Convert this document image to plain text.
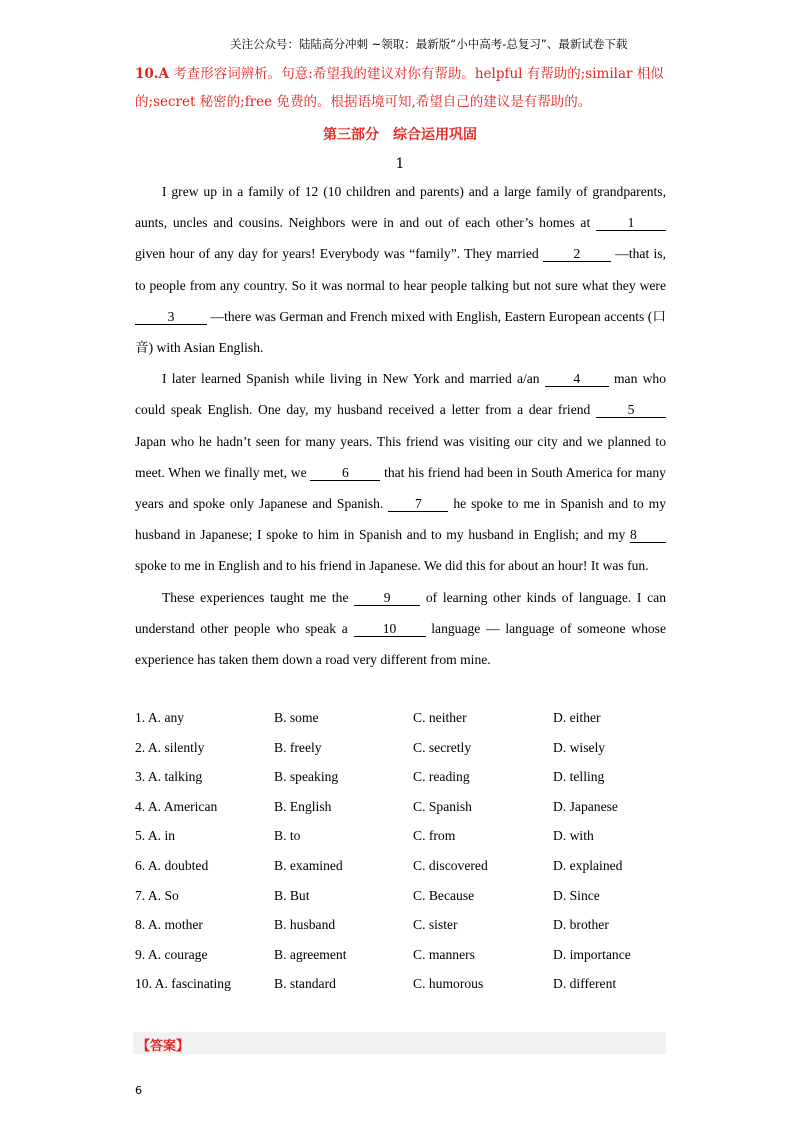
关注公众号：陆陆高分冲刺 ~领取：最新版“小中高考-总复习”、最新试卷下载
10.A 考查形容词辨析。句意:希望我的建议对你有帮助。helpful 有帮助的;similar 相似的;secret 秘密的;free 免费的。根据语境可知,希望自己的建议是有帮助的。
第三部分　综合运用巩固
1

I grew up in a family of 12 (10 children and parents) and a large family of grandparents, aunts, uncles and cousins. Neighbors were in and out of each other’s homes at 1 given hour of any day for years! Everybody was “family”. They married 2 —that is, to people from any country. So it was normal to hear people talking but not sure what they were 3 —there was German and French mixed with English, Eastern European accents (口音) with Asian English.

I later learned Spanish while living in New York and married a/an 4 man who could speak English. One day, my husband received a letter from a dear friend 5 Japan who he hadn’t seen for many years. This friend was visiting our city and we planned to meet. When we finally met, we 6 that his friend had been in South America for many years and spoke only Japanese and Spanish. 7 he spoke to me in Spanish and to my husband in Japanese; I spoke to him in Spanish and to my husband in English; and my 8 spoke to me in English and to his friend in Japanese. We did this for about an hour! It was fun.

These experiences taught me the 9 of learning other kinds of language. I can understand other people who speak a 10 language — language of someone whose experience has taken them down a road very different from mine.

1. A. any	B. some	C. neither	D. either
2. A. silently	B. freely	C. secretly	D. wisely
3. A. talking	B. speaking	C. reading	D. telling
4. A. American	B. English	C. Spanish	D. Japanese
5. A. in	B. to	C. from	D. with
6. A. doubted	B. examined	C. discovered	D. explained
7. A. So	B. But	C. Because	D. Since
8. A. mother	B. husband	C. sister	D. brother
9. A. courage	B. agreement	C. manners	D. importance
10. A. fascinating	B. standard	C. humorous	D. different
【答案】
6
